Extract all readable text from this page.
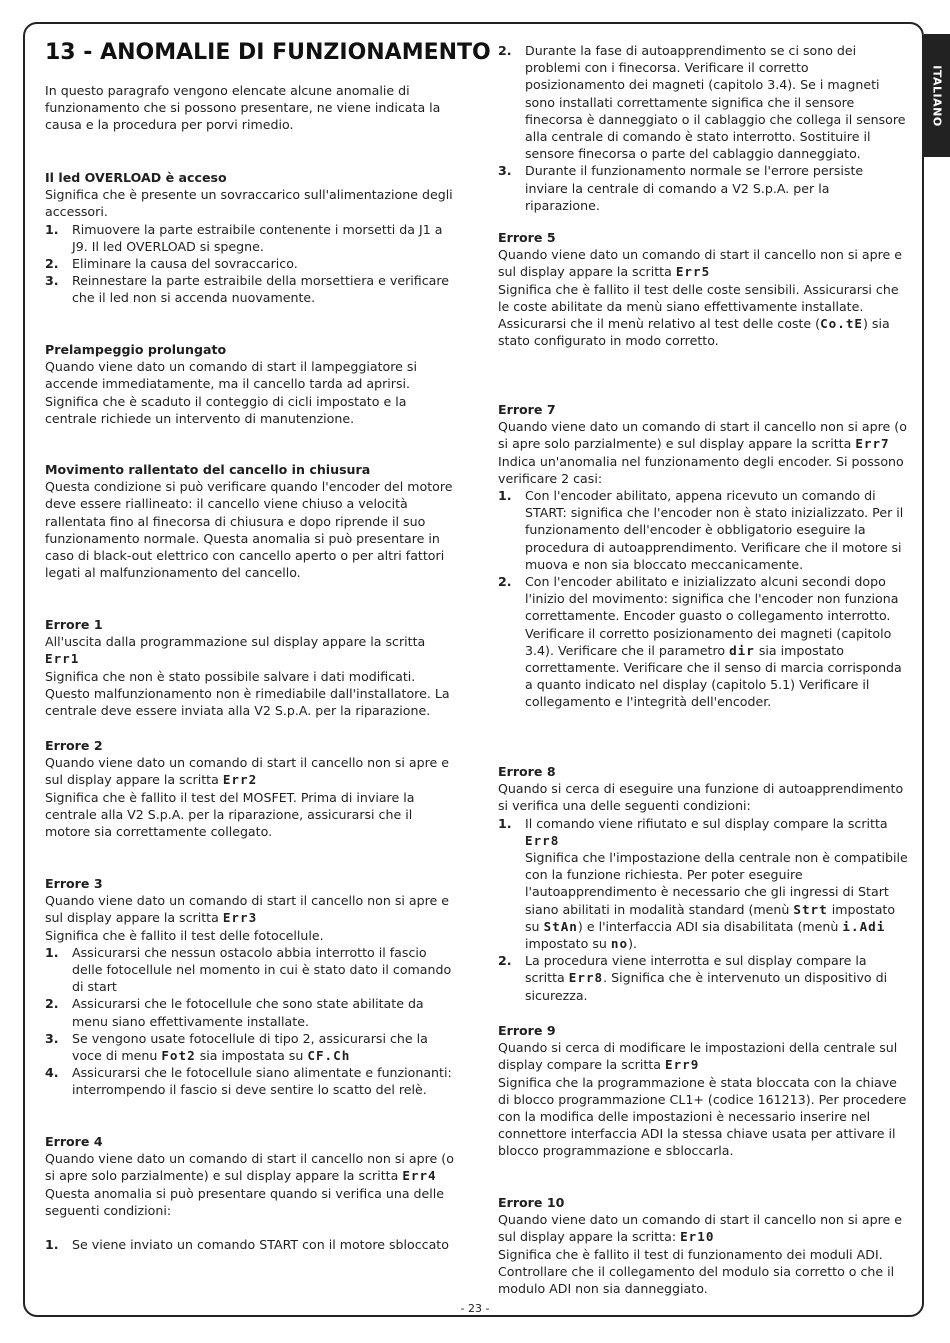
ITALIANO
13 - ANOMALIE DI FUNZIONAMENTO

In questo paragrafo vengono elencate alcune anomalie di funzionamento che si possono presentare, ne viene indicata la causa e la procedura per porvi rimedio.

Il led OVERLOAD è acceso

Significa che è presente un sovraccarico sull'alimentazione degli accessori.

1. Rimuovere la parte estraibile contenente i morsetti da J1 a J9. Il led OVERLOAD si spegne.
2. Eliminare la causa del sovraccarico.
3. Reinnestare la parte estraibile della morsettiera e verificare che il led non si accenda nuovamente.

Prelampeggio prolungato

Quando viene dato un comando di start il lampeggiatore si accende immediatamente, ma il cancello tarda ad aprirsi. Significa che è scaduto il conteggio di cicli impostato e la centrale richiede un intervento di manutenzione.

Movimento rallentato del cancello in chiusura

Questa condizione si può verificare quando l'encoder del motore deve essere riallineato: il cancello viene chiuso a velocità rallentata fino al finecorsa di chiusura e dopo riprende il suo funzionamento normale. Questa anomalia si può presentare in caso di black-out elettrico con cancello aperto o per altri fattori legati al malfunzionamento del cancello.

Errore 1

All'uscita dalla programmazione sul display appare la scritta Err1

Significa che non è stato possibile salvare i dati modificati. Questo malfunzionamento non è rimediabile dall'installatore. La centrale deve essere inviata alla V2 S.p.A. per la riparazione.

Errore 2

Quando viene dato un comando di start il cancello non si apre e sul display appare la scritta Err2

Significa che è fallito il test del MOSFET. Prima di inviare la centrale alla V2 S.p.A. per la riparazione, assicurarsi che il motore sia correttamente collegato.

Errore 3

Quando viene dato un comando di start il cancello non si apre e sul display appare la scritta Err3

Significa che è fallito il test delle fotocellule.

1. Assicurarsi che nessun ostacolo abbia interrotto il fascio delle fotocellule nel momento in cui è stato dato il comando di start
2. Assicurarsi che le fotocellule che sono state abilitate da menu siano effettivamente installate.
3. Se vengono usate fotocellule di tipo 2, assicurarsi che la voce di menu Fot2 sia impostata su CF.Ch
4. Assicurarsi che le fotocellule siano alimentate e funzionanti: interrompendo il fascio si deve sentire lo scatto del relè.

Errore 4

Quando viene dato un comando di start il cancello non si apre (o si apre solo parzialmente) e sul display appare la scritta Err4

Questa anomalia si può presentare quando si verifica una delle seguenti condizioni:

1. Se viene inviato un comando START con il motore sbloccato
2. Durante la fase di autoapprendimento se ci sono dei problemi con i finecorsa. Verificare il corretto posizionamento dei magneti (capitolo 3.4). Se i magneti sono installati correttamente significa che il sensore finecorsa è danneggiato o il cablaggio che collega il sensore alla centrale di comando è stato interrotto. Sostituire il sensore finecorsa o parte del cablaggio danneggiato.
3. Durante il funzionamento normale se l'errore persiste inviare la centrale di comando a V2 S.p.A. per la riparazione.

Errore 5

Quando viene dato un comando di start il cancello non si apre e sul display appare la scritta Err5

Significa che è fallito il test delle coste sensibili. Assicurarsi che le coste abilitate da menù siano effettivamente installate.

Assicurarsi che il menù relativo al test delle coste (Co.tE) sia stato configurato in modo corretto.

Errore 7

Quando viene dato un comando di start il cancello non si apre (o si apre solo parzialmente) e sul display appare la scritta Err7

Indica un'anomalia nel funzionamento degli encoder. Si possono verificare 2 casi:

1. Con l'encoder abilitato, appena ricevuto un comando di START: significa che l'encoder non è stato inizializzato. Per il funzionamento dell'encoder è obbligatorio eseguire la procedura di autoapprendimento. Verificare che il motore si muova e non sia bloccato meccanicamente.
2. Con l'encoder abilitato e inizializzato alcuni secondi dopo l'inizio del movimento: significa che l'encoder non funziona correttamente. Encoder guasto o collegamento interrotto. Verificare il corretto posizionamento dei magneti (capitolo 3.4). Verificare che il parametro dir sia impostato correttamente. Verificare che il senso di marcia corrisponda a quanto indicato nel display (capitolo 5.1) Verificare il collegamento e l'integrità dell'encoder.

Errore 8

Quando si cerca di eseguire una funzione di autoapprendimento si verifica una delle seguenti condizioni:

1. Il comando viene rifiutato e sul display compare la scritta
Err8
Significa che l'impostazione della centrale non è compatibile con la funzione richiesta. Per poter eseguire l'autoapprendimento è necessario che gli ingressi di Start siano abilitati in modalità standard (menù Strt impostato su StAn) e l'interfaccia ADI sia disabilitata (menù i.Adi impostato su no).
2. La procedura viene interrotta e sul display compare la scritta Err8. Significa che è intervenuto un dispositivo di sicurezza.

Errore 9

Quando si cerca di modificare le impostazioni della centrale sul display compare la scritta Err9

Significa che la programmazione è stata bloccata con la chiave di blocco programmazione CL1+ (codice 161213). Per procedere con la modifica delle impostazioni è necessario inserire nel connettore interfaccia ADI la stessa chiave usata per attivare il blocco programmazione e sbloccarla.

Errore 10

Quando viene dato un comando di start il cancello non si apre e sul display appare la scritta: Er10

Significa che è fallito il test di funzionamento dei moduli ADI. Controllare che il collegamento del modulo sia corretto o che il modulo ADI non sia danneggiato.

- 23 -
